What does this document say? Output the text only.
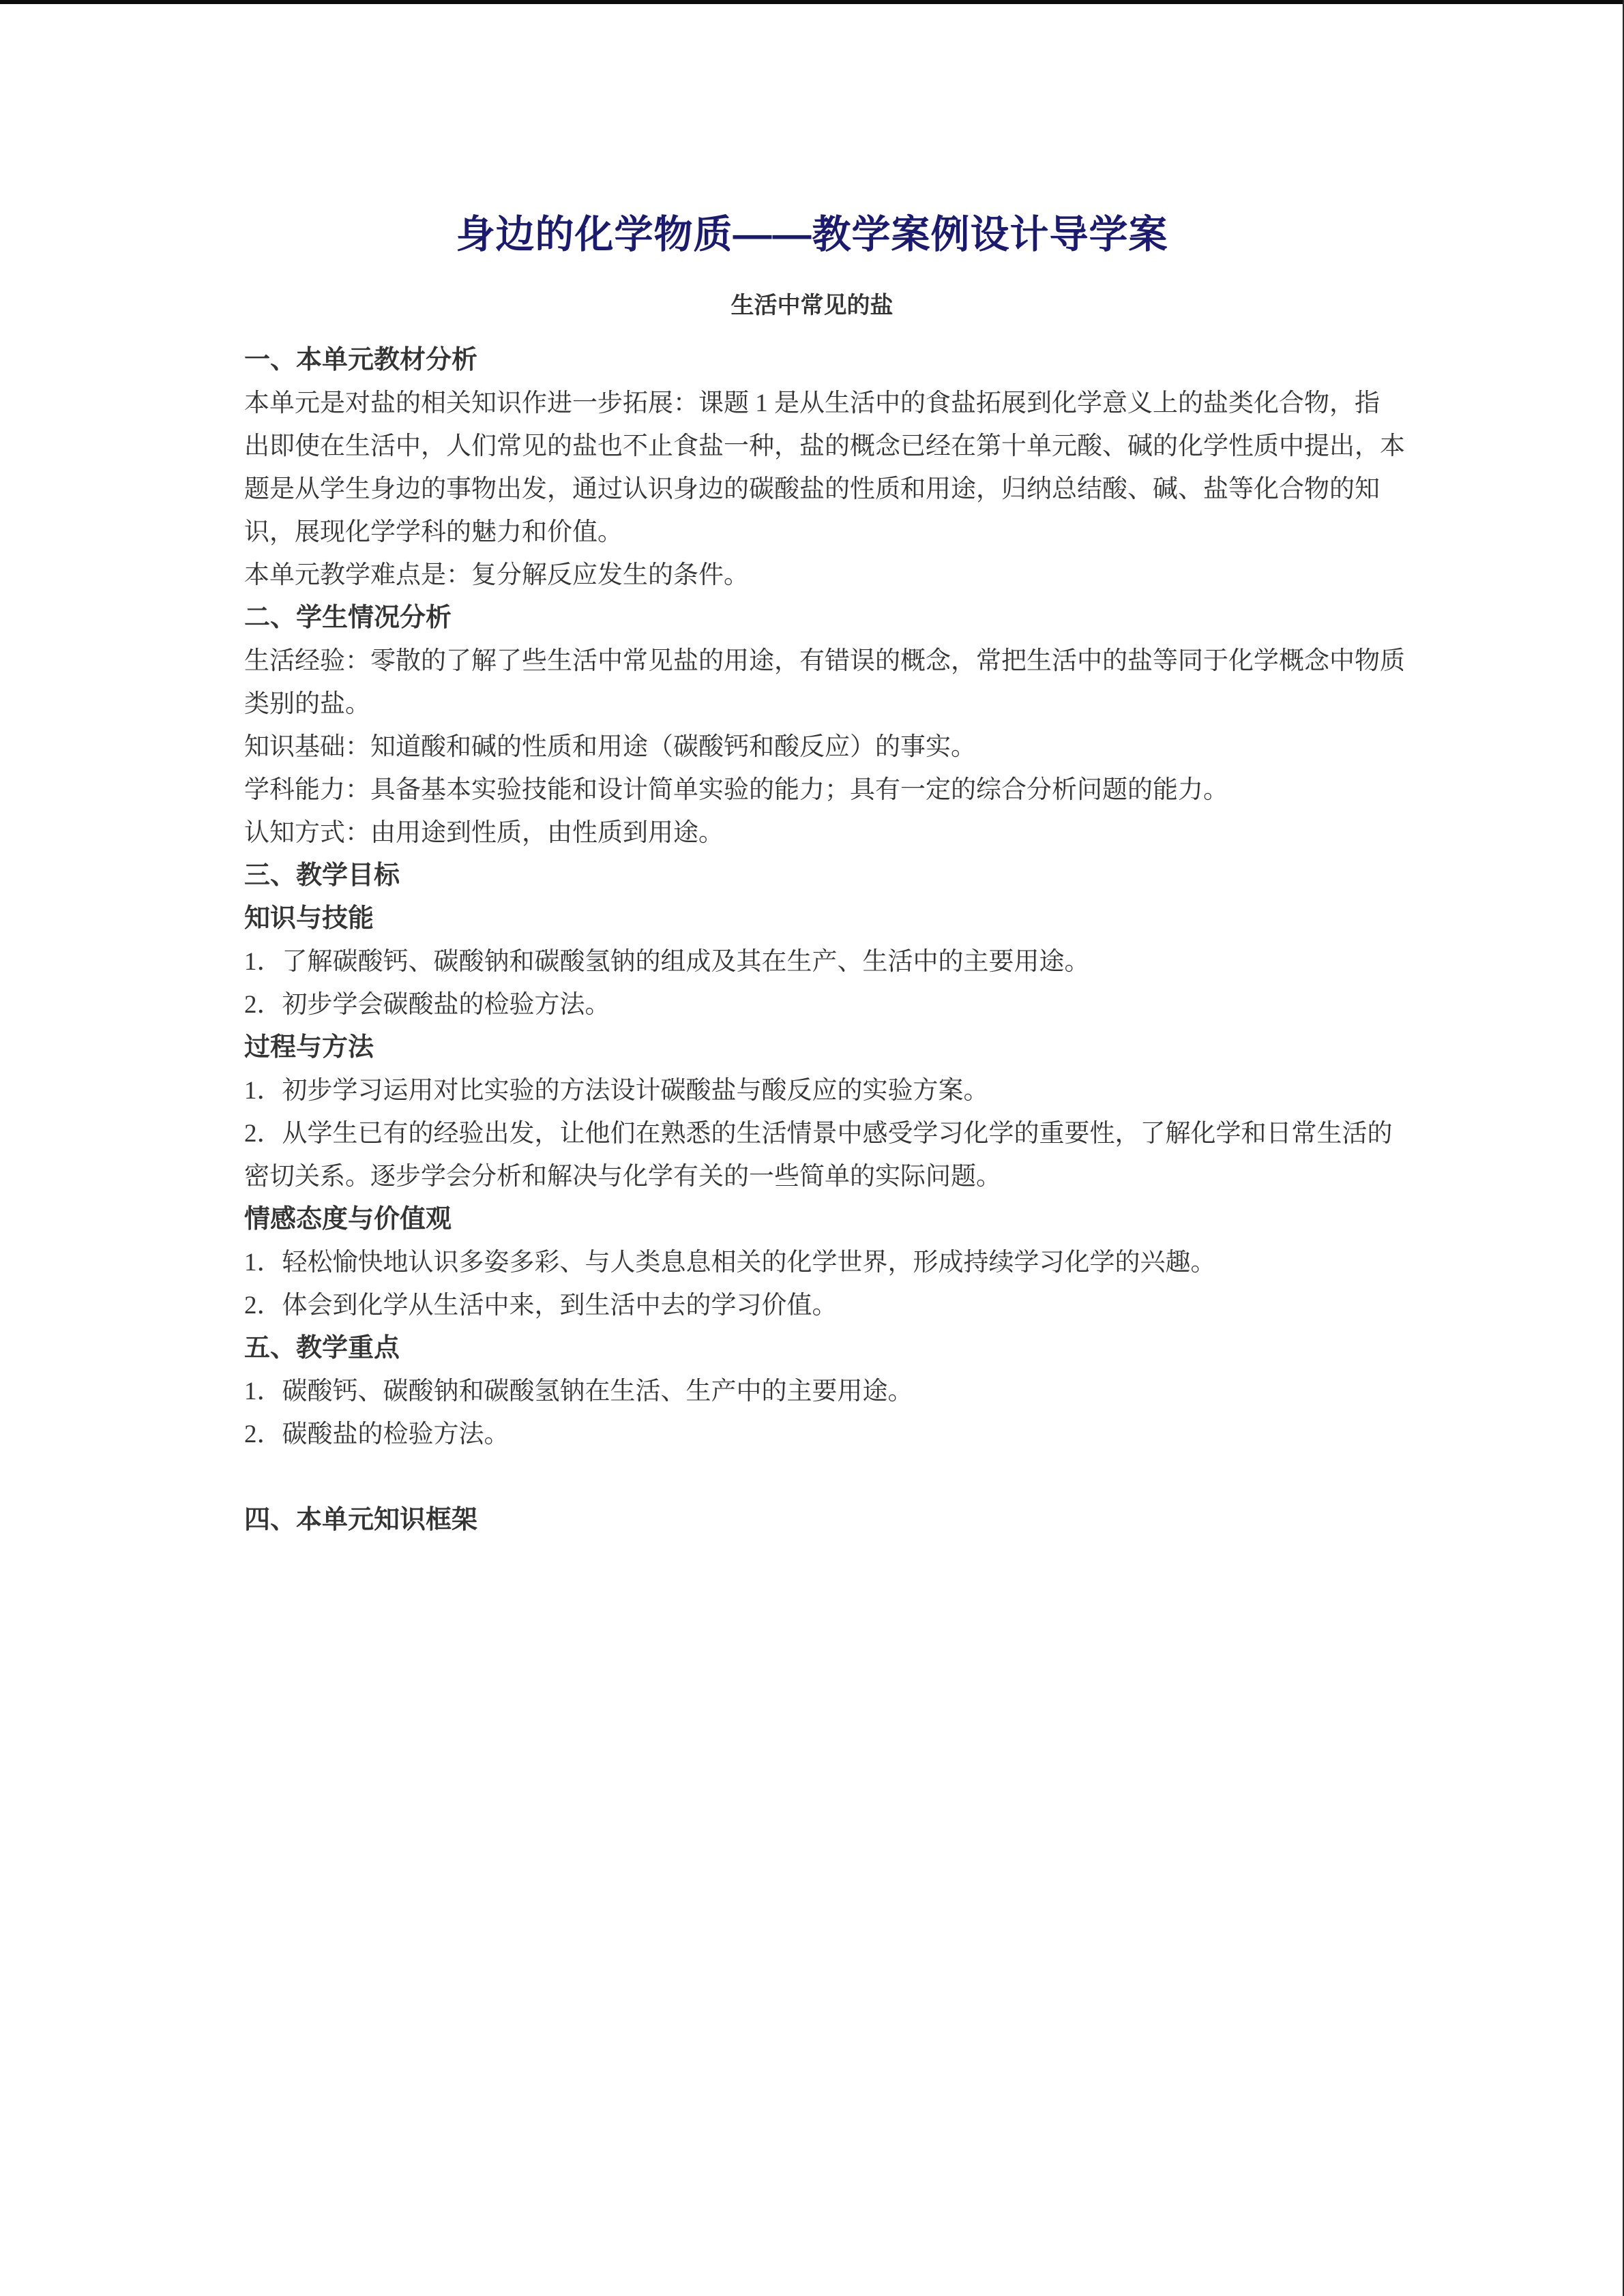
身边的化学物质——教学案例设计导学案
生活中常见的盐
一、本单元教材分析
本单元是对盐的相关知识作进一步拓展：课题 1 是从生活中的食盐拓展到化学意义上的盐类化合物，指
出即使在生活中，人们常见的盐也不止食盐一种，盐的概念已经在第十单元酸、碱的化学性质中提出，本
题是从学生身边的事物出发，通过认识身边的碳酸盐的性质和用途，归纳总结酸、碱、盐等化合物的知
识，展现化学学科的魅力和价值。
本单元教学难点是：复分解反应发生的条件。
二、学生情况分析
生活经验：零散的了解了些生活中常见盐的用途，有错误的概念，常把生活中的盐等同于化学概念中物质
类别的盐。
知识基础：知道酸和碱的性质和用途（碳酸钙和酸反应）的事实。
学科能力：具备基本实验技能和设计简单实验的能力；具有一定的综合分析问题的能力。
认知方式：由用途到性质，由性质到用途。
三、教学目标
知识与技能
1．了解碳酸钙、碳酸钠和碳酸氢钠的组成及其在生产、生活中的主要用途。
2．初步学会碳酸盐的检验方法。
过程与方法
1．初步学习运用对比实验的方法设计碳酸盐与酸反应的实验方案。
2．从学生已有的经验出发，让他们在熟悉的生活情景中感受学习化学的重要性，了解化学和日常生活的
密切关系。逐步学会分析和解决与化学有关的一些简单的实际问题。
情感态度与价值观
1．轻松愉快地认识多姿多彩、与人类息息相关的化学世界，形成持续学习化学的兴趣。
2．体会到化学从生活中来，到生活中去的学习价值。
五、教学重点
1．碳酸钙、碳酸钠和碳酸氢钠在生活、生产中的主要用途。
2．碳酸盐的检验方法。
四、本单元知识框架
